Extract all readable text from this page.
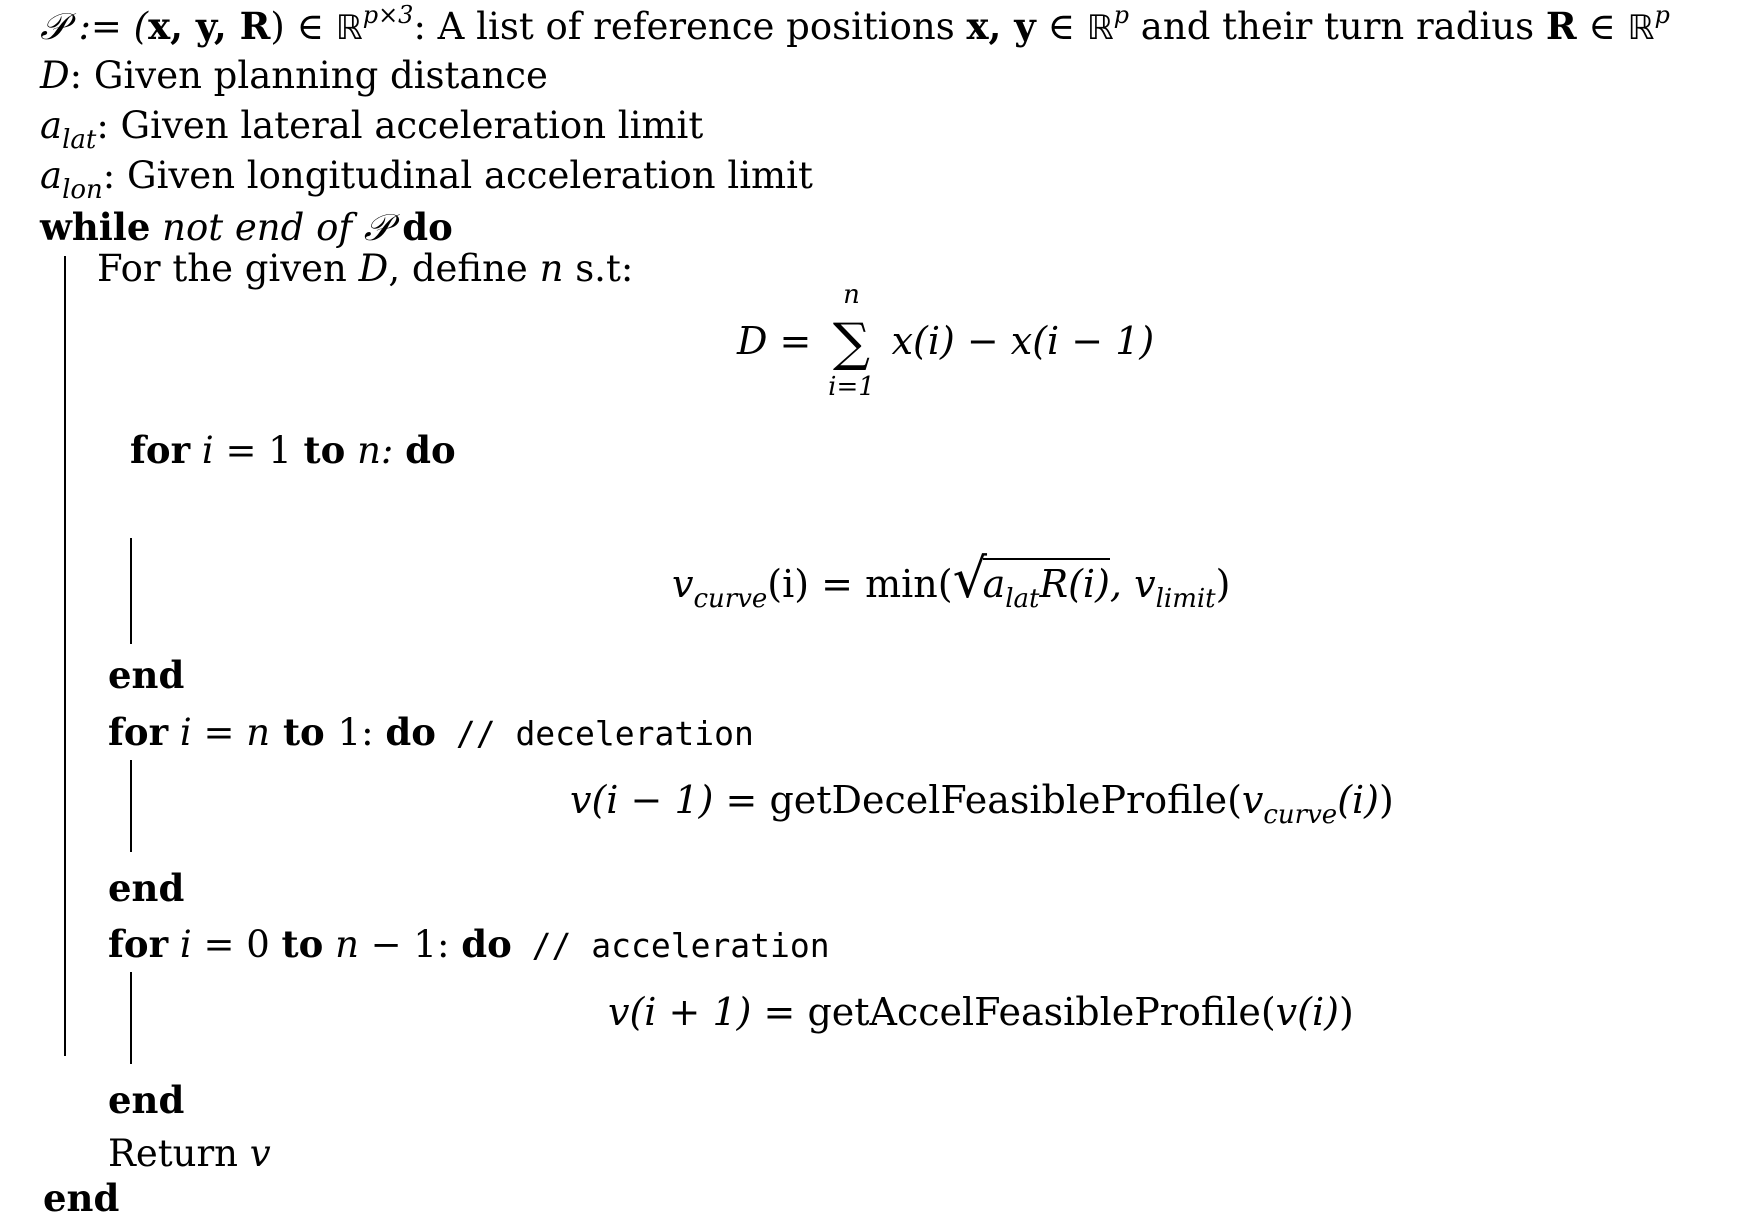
𝒫 := (x, y, R) ∈ ℝ$^{p\times 3}$: A list of reference positions x, y ∈ ℝ$^p$ and their turn radius R ∈ ℝ$^p$
D: Given planning distance
$a_{lat}$: Given lateral acceleration limit
$a_{lon}$: Given longitudinal acceleration limit
while not end of 𝒫 do
For the given D, define n s.t:
D =
n
∑
i=1
x(i) − x(i − 1)
for i = 1 to n: do
$v_{curve}(i) = \min$( √
$a_{lat}R(i)$, $v_{limit}$)
end
for i = n to 1: do // deceleration
$v(i - 1) = getDecelFeasibleProfile(v_{curve}(i))$
end
for i = 0 to n − 1: do // acceleration
v(i + 1) = getAccelFeasibleProfile(v(i))
end
Return v
end
